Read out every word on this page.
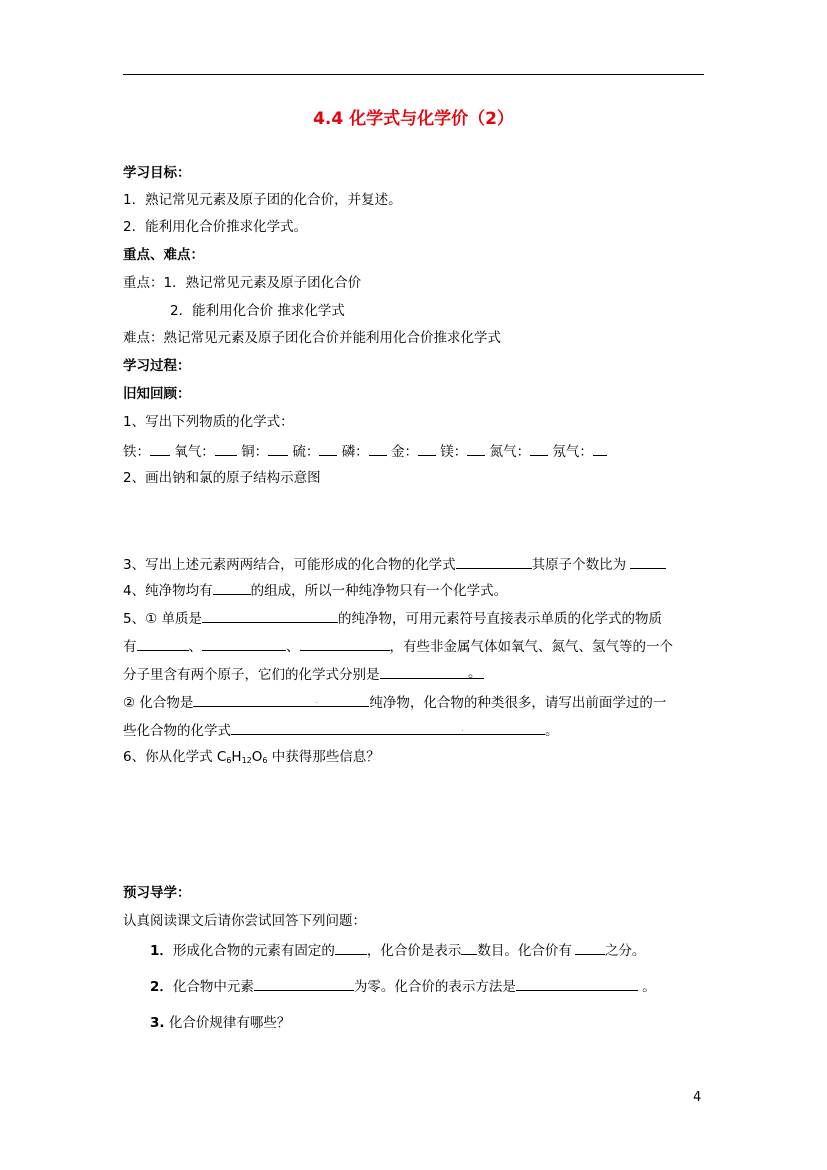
4.4 化学式与化学价（2）
学习目标：
1．熟记常见元素及原子团的化合价，并复述。
2．能利用化合价推求化学式。
重点、难点：
重点：1．熟记常见元素及原子团化合价
2．能利用化合价 推求化学式
难点：熟记常见元素及原子团化合价并能利用化合价推求化学式
学习过程：
旧知回顾：
1、写出下列物质的化学式：
铁： 氧气： 铜： 硫： 磷： 金： 镁： 氮气： 氖气：
2、画出钠和氯的原子结构示意图
3、写出上述元素两两结合，可能形成的化合物的化学式	其原子个数比为
4、纯净物均有	的组成，所以一种纯净物只有一个化学式。
5、① 单质是	的纯净物，可用元素符号直接表示单质的化学式的物质
有	、	、	，有些非金属气体如氧气、氮气、氢气等的一个
分子里含有两个原子，它们的化学式分别是	。
② 化合物是	.	纯净物，化合物的种类很多，请写出前面学过的一
些化合物的化学式	.	。
6、你从化学式 $C_6H_{12}O_6$ 中获得那些信息？
预习导学：
认真阅读课文后请你尝试回答下列问题：
1．形成化合物的元素有固定的 ，化合价是表示 数目。化合价有 之分。
2．化合物中元素	为零。化合价的表示方法是	。
3. 化合价规律有哪些？
4
